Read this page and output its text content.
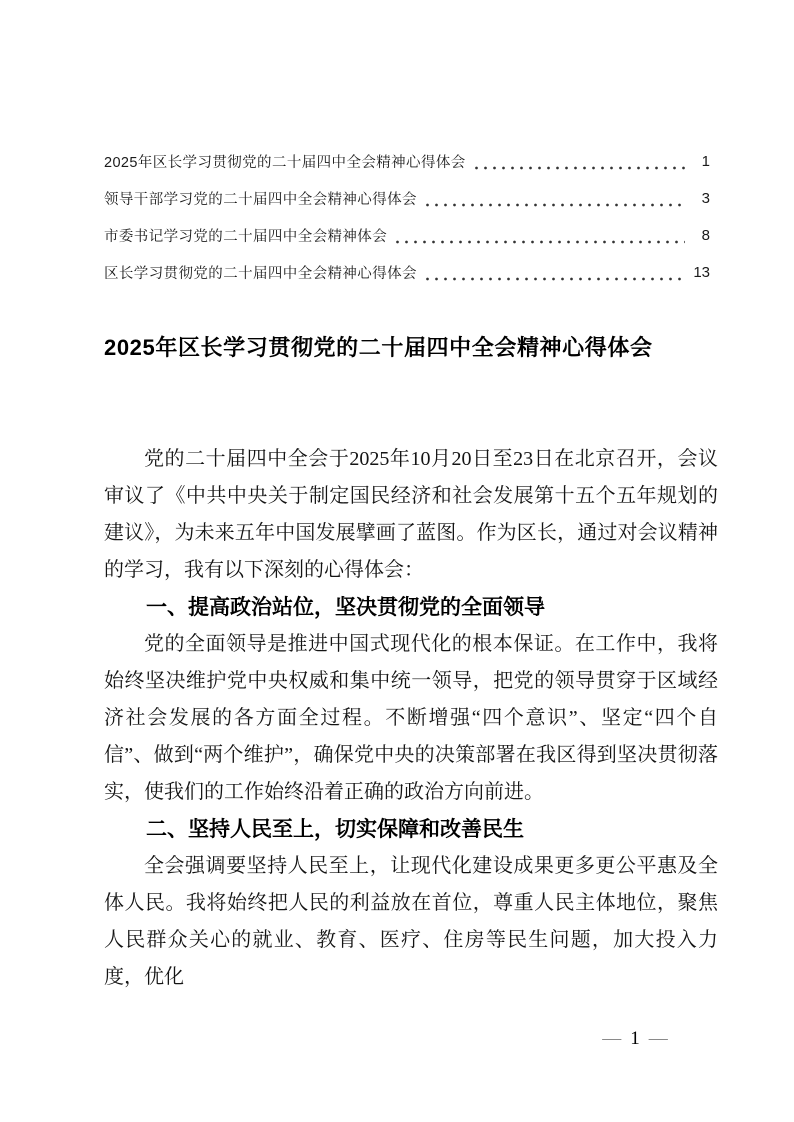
2025年区长学习贯彻党的二十届四中全会精神心得体会	1
领导干部学习党的二十届四中全会精神心得体会	3
市委书记学习党的二十届四中全会精神体会	8
区长学习贯彻党的二十届四中全会精神心得体会	13
2025年区长学习贯彻党的二十届四中全会精神心得体会

党的二十届四中全会于2025年10月20日至23日在北京召开，会议审议了《中共中央关于制定国民经济和社会发展第十五个五年规划的建议》，为未来五年中国发展擘画了蓝图。作为区长，通过对会议精神的学习，我有以下深刻的心得体会：

一、提高政治站位，坚决贯彻党的全面领导

党的全面领导是推进中国式现代化的根本保证。在工作中，我将始终坚决维护党中央权威和集中统一领导，把党的领导贯穿于区域经济社会发展的各方面全过程。不断增强“四个意识”、坚定“四个自信”、做到“两个维护”，确保党中央的决策部署在我区得到坚决贯彻落实，使我们的工作始终沿着正确的政治方向前进。

二、坚持人民至上，切实保障和改善民生

全会强调要坚持人民至上，让现代化建设成果更多更公平惠及全体人民。我将始终把人民的利益放在首位，尊重人民主体地位，聚焦人民群众关心的就业、教育、医疗、住房等民生问题，加大投入力度，优化

— 1 —
